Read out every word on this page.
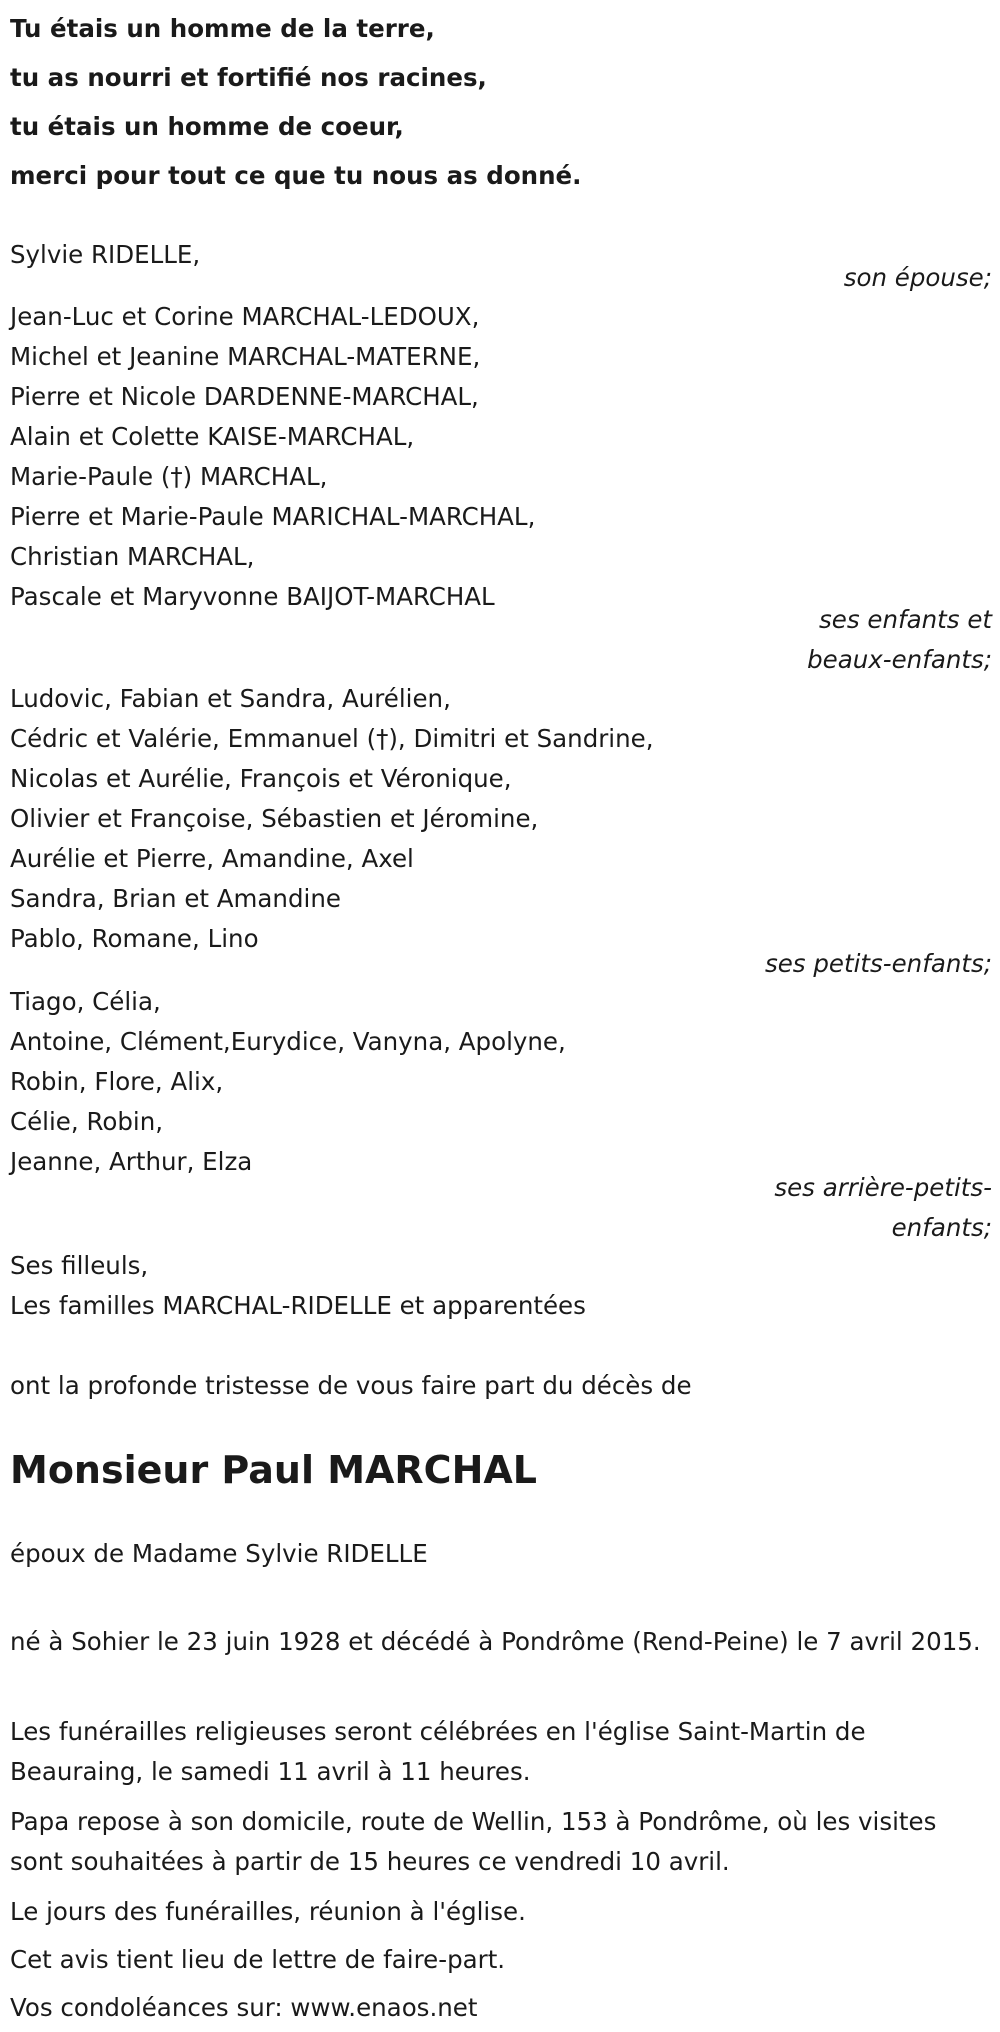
Tu étais un homme de la terre,
tu as nourri et fortifié nos racines,
tu étais un homme de coeur,
merci pour tout ce que tu nous as donné.
Sylvie RIDELLE,
son épouse;
Jean-Luc et Corine MARCHAL-LEDOUX,
Michel et Jeanine MARCHAL-MATERNE,
Pierre et Nicole DARDENNE-MARCHAL,
Alain et Colette KAISE-MARCHAL,
Marie-Paule (†) MARCHAL,
Pierre et Marie-Paule MARICHAL-MARCHAL,
Christian MARCHAL,
Pascale et Maryvonne BAIJOT-MARCHAL
ses enfants et
beaux-enfants;
Ludovic, Fabian et Sandra, Aurélien,
Cédric et Valérie, Emmanuel (†), Dimitri et Sandrine,
Nicolas et Aurélie, François et Véronique,
Olivier et Françoise, Sébastien et Jéromine,
Aurélie et Pierre, Amandine, Axel
Sandra, Brian et Amandine
Pablo, Romane, Lino
ses petits-enfants;
Tiago, Célia,
Antoine, Clément,Eurydice, Vanyna, Apolyne,
Robin, Flore, Alix,
Célie, Robin,
Jeanne, Arthur, Elza
ses arrière-petits-
enfants;
Ses filleuls,
Les familles MARCHAL-RIDELLE et apparentées
ont la profonde tristesse de vous faire part du décès de
Monsieur Paul MARCHAL
époux de Madame Sylvie RIDELLE
né à Sohier le 23 juin 1928 et décédé à Pondrôme (Rend-Peine) le 7 avril 2015.
Les funérailles religieuses seront célébrées en l'église Saint-Martin de Beauraing, le samedi 11 avril à 11 heures.
Papa repose à son domicile, route de Wellin, 153 à Pondrôme, où les visites sont souhaitées à partir de 15 heures ce vendredi 10 avril.
Le jours des funérailles, réunion à l'église.
Cet avis tient lieu de lettre de faire-part.
Vos condoléances sur: www.enaos.net
